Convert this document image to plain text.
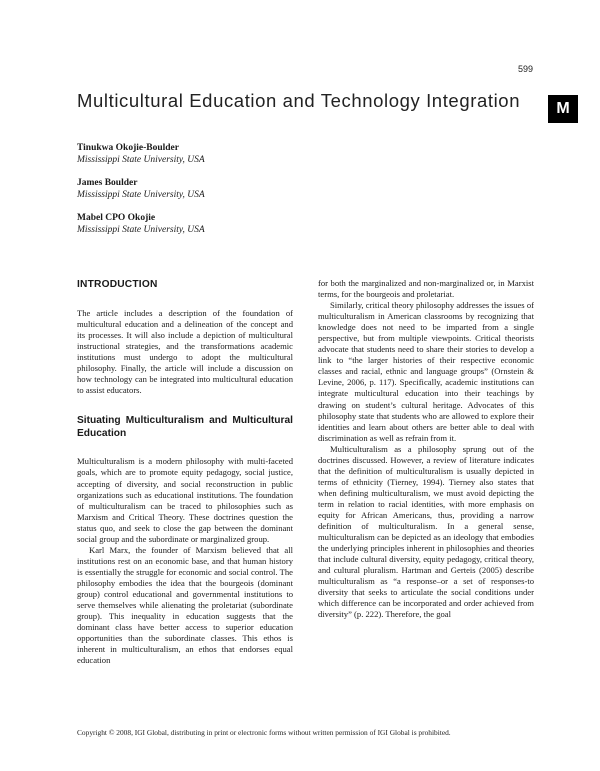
599
M
Multicultural Education and Technology Integration
Tinukwa Okojie-Boulder
Mississippi State University, USA
James Boulder
Mississippi State University, USA
Mabel CPO Okojie
Mississippi State University, USA
INTRODUCTION

The article includes a description of the foundation of multicultural education and a delineation of the concept and its processes. It will also include a depiction of multicultural instructional strategies, and the transformations academic institutions must undergo to adopt the multicultural philosophy. Finally, the article will include a discussion on how technology can be integrated into multicultural education to assist educators.

Situating Multiculturalism and Multicultural Education

Multiculturalism is a modern philosophy with multi-faceted goals, which are to promote equity pedagogy, social justice, accepting of diversity, and social reconstruction in public organizations such as educational institutions. The foundation of multiculturalism can be traced to philosophies such as Marxism and Critical Theory. These doctrines question the status quo, and seek to close the gap between the dominant social group and the subordinate or marginalized group.

Karl Marx, the founder of Marxism believed that all institutions rest on an economic base, and that human history is essentially the struggle for economic and social control. The philosophy embodies the idea that the bourgeois (dominant group) control educational and governmental institutions to serve themselves while alienating the proletariat (subordinate group). This inequality in education suggests that the dominant class have better access to superior education opportunities than the subordinate classes. This ethos is inherent in multiculturalism, an ethos that endorses equal education

for both the marginalized and non-marginalized or, in Marxist terms, for the bourgeois and proletariat.

Similarly, critical theory philosophy addresses the issues of multiculturalism in American classrooms by recognizing that knowledge does not need to be imparted from a single perspective, but from multiple viewpoints. Critical theorists advocate that students need to share their stories to develop a link to “the larger histories of their respective economic classes and racial, ethnic and language groups” (Ornstein & Levine, 2006, p. 117). Specifically, academic institutions can integrate multicultural education into their teachings by drawing on student’s cultural heritage. Advocates of this philosophy state that students who are allowed to explore their identities and learn about others are better able to deal with discrimination as well as refrain from it.

Multiculturalism as a philosophy sprung out of the doctrines discussed. However, a review of literature indicates that the definition of multiculturalism is usually depicted in terms of ethnicity (Tierney, 1994). Tierney also states that when defining multiculturalism, we must avoid depicting the term in relation to racial identities, with more emphasis on equity for African Americans, thus, providing a narrow definition of multiculturalism. In a general sense, multiculturalism can be depicted as an ideology that embodies the underlying principles inherent in philosophies and theories that include cultural diversity, equity pedagogy, critical theory, and cultural pluralism. Hartman and Gerteis (2005) describe multiculturalism as “a response–or a set of responses-to diversity that seeks to articulate the social conditions under which difference can be incorporated and order achieved from diversity” (p. 222). Therefore, the goal

Copyright © 2008, IGI Global, distributing in print or electronic forms without written permission of IGI Global is prohibited.
